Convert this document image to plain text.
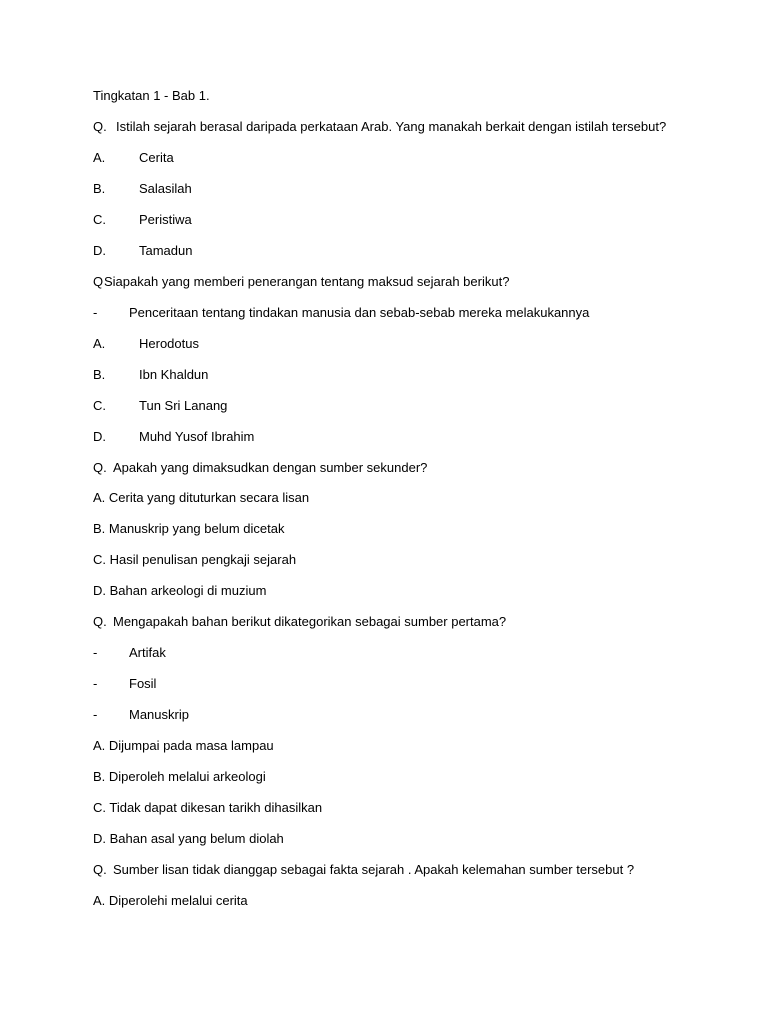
Tingkatan 1 - Bab 1.
Q. Istilah sejarah berasal daripada perkataan Arab. Yang manakah berkait dengan istilah tersebut?
A.	Cerita
B.	Salasilah
C.	Peristiwa
D.	Tamadun
Q Siapakah yang memberi penerangan tentang maksud sejarah berikut?
- Penceritaan tentang tindakan manusia dan sebab-sebab mereka melakukannya
A.	Herodotus
B.	Ibn Khaldun
C.	Tun Sri Lanang
D.	Muhd Yusof Ibrahim
Q. Apakah yang dimaksudkan dengan sumber sekunder?
A. Cerita yang dituturkan secara lisan
B. Manuskrip yang belum dicetak
C. Hasil penulisan pengkaji sejarah
D. Bahan arkeologi di muzium
Q. Mengapakah bahan berikut dikategorikan sebagai sumber pertama?
- Artifak
- Fosil
- Manuskrip
A. Dijumpai pada masa lampau
B. Diperoleh melalui arkeologi
C. Tidak dapat dikesan tarikh dihasilkan
D. Bahan asal yang belum diolah
Q. Sumber lisan tidak dianggap sebagai fakta sejarah . Apakah kelemahan sumber tersebut ?
A. Diperolehi melalui cerita
